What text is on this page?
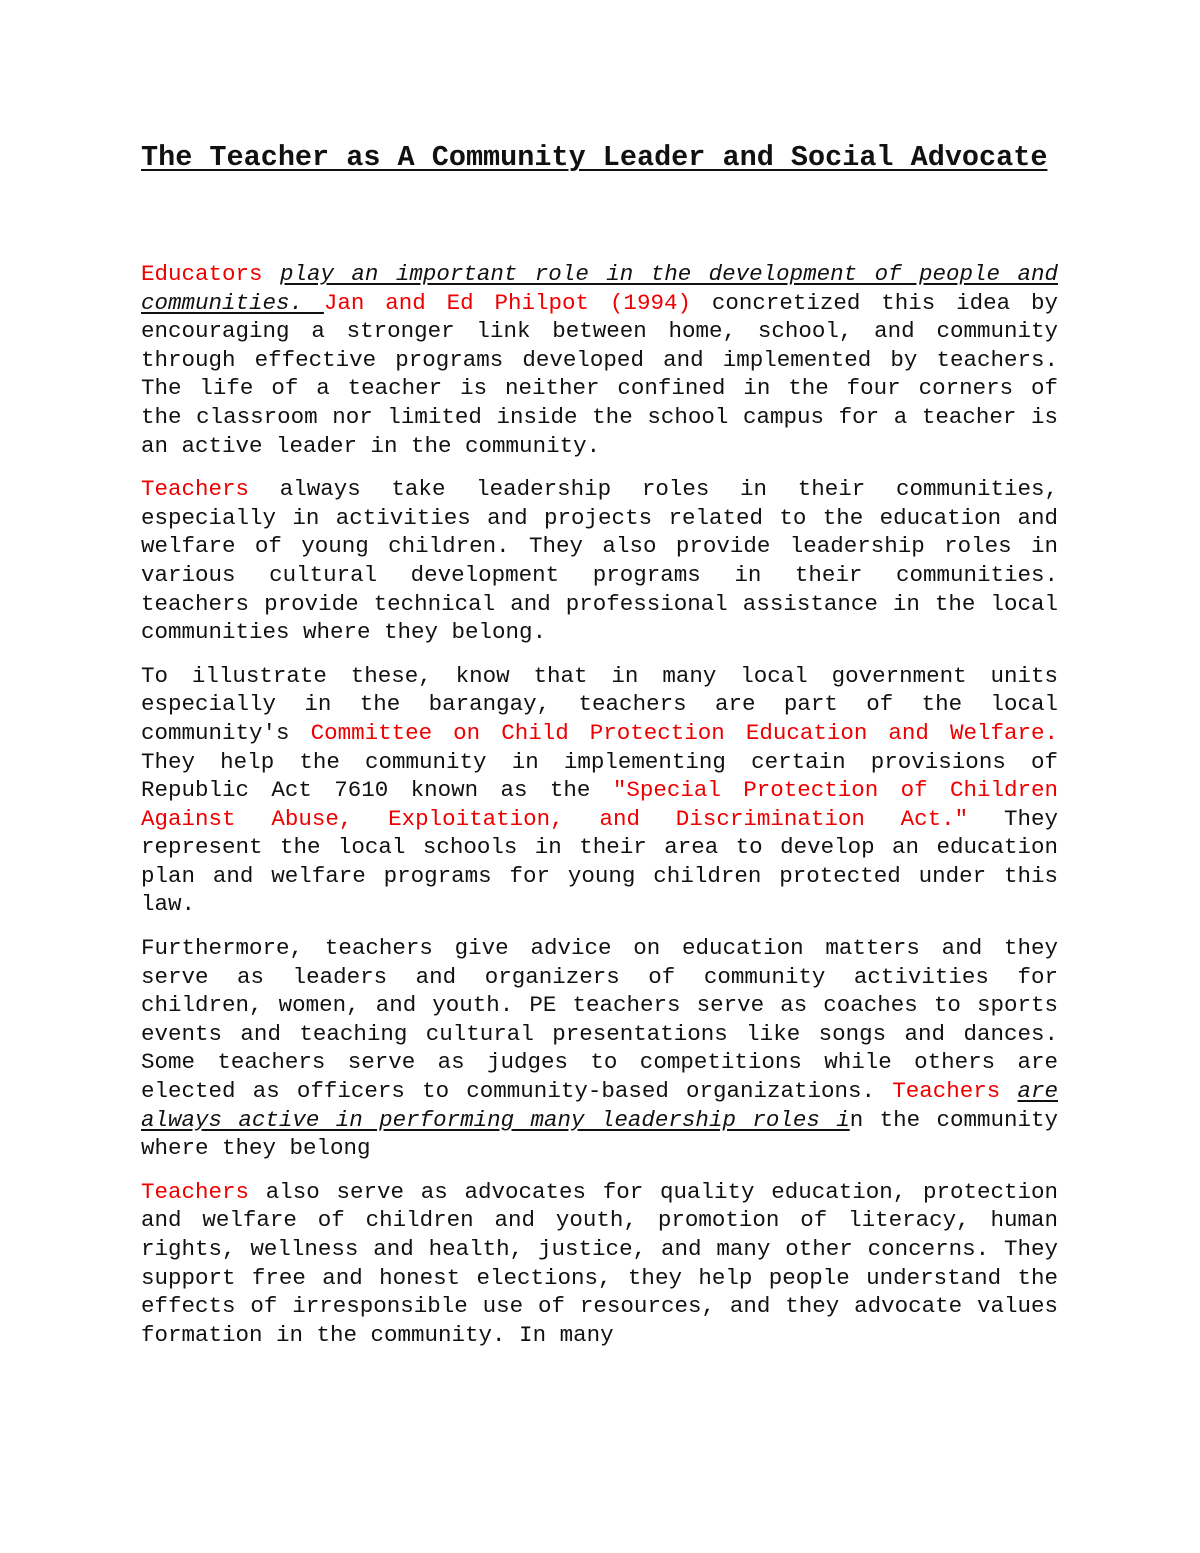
The Teacher as A Community Leader and Social Advocate

Educators play an important role in the development of people and communities. Jan and Ed Philpot (1994) concretized this idea by encouraging a stronger link between home, school, and community through effective programs developed and implemented by teachers. The life of a teacher is neither confined in the four corners of the classroom nor limited inside the school campus for a teacher is an active leader in the community.

Teachers always take leadership roles in their communities, especially in activities and projects related to the education and welfare of young children. They also provide leadership roles in various cultural development programs in their communities. teachers provide technical and professional assistance in the local communities where they belong.

To illustrate these, know that in many local government units especially in the barangay, teachers are part of the local community's Committee on Child Protection Education and Welfare. They help the community in implementing certain provisions of Republic Act 7610 known as the "Special Protection of Children Against Abuse, Exploitation, and Discrimination Act." They represent the local schools in their area to develop an education plan and welfare programs for young children protected under this law.

Furthermore, teachers give advice on education matters and they serve as leaders and organizers of community activities for children, women, and youth. PE teachers serve as coaches to sports events and teaching cultural presentations like songs and dances. Some teachers serve as judges to competitions while others are elected as officers to community-based organizations. Teachers are always active in performing many leadership roles in the community where they belong

Teachers also serve as advocates for quality education, protection and welfare of children and youth, promotion of literacy, human rights, wellness and health, justice, and many other concerns. They support free and honest elections, they help people understand the effects of irresponsible use of resources, and they advocate values formation in the community. In many
